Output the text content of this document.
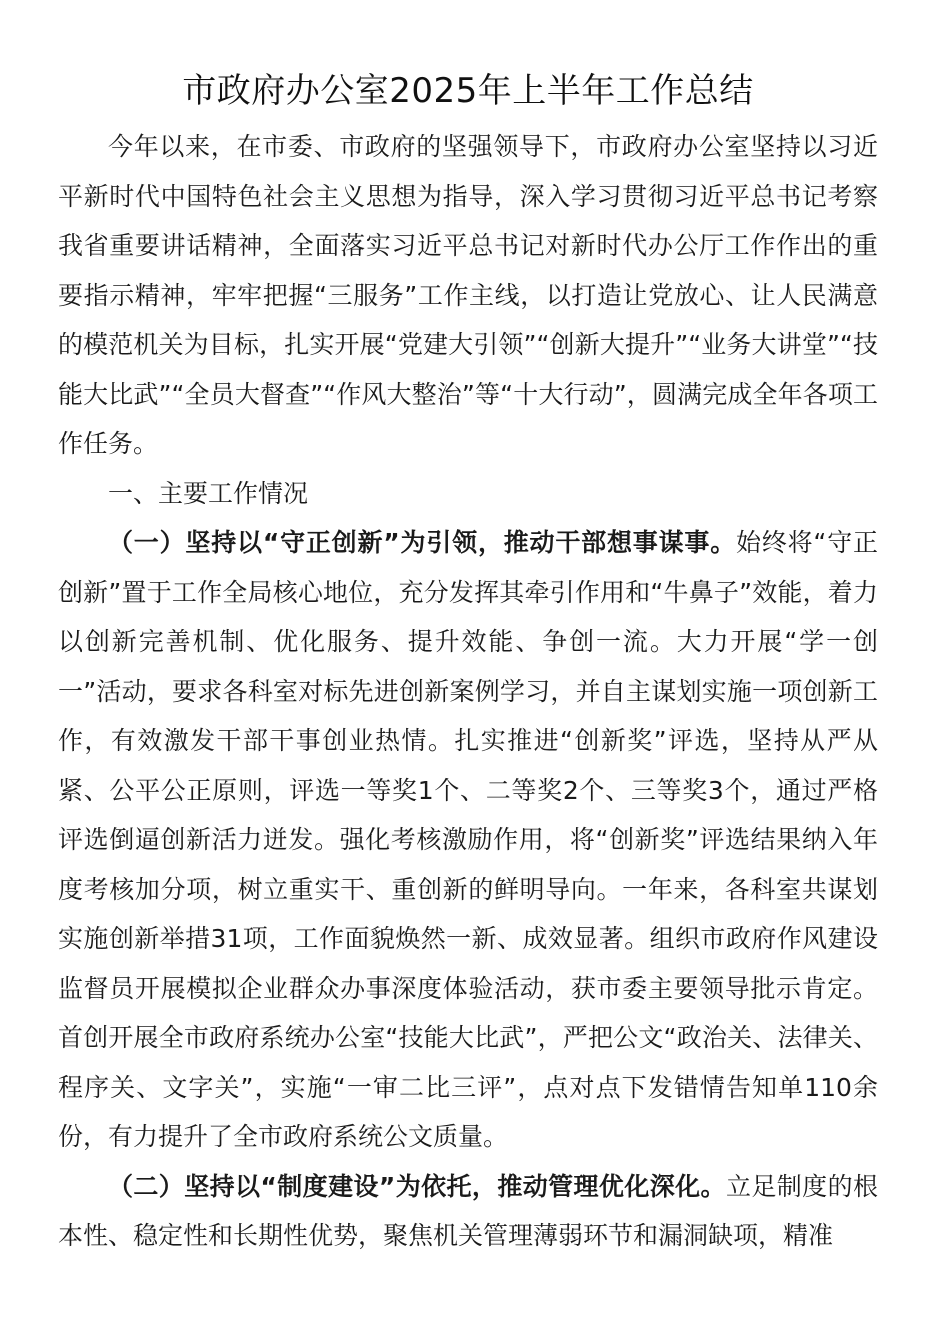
市政府办公室2025年上半年工作总结

今年以来，在市委、市政府的坚强领导下，市政府办公室坚持以习近平新时代中国特色社会主义思想为指导，深入学习贯彻习近平总书记考察我省重要讲话精神，全面落实习近平总书记对新时代办公厅工作作出的重要指示精神，牢牢把握“三服务”工作主线，以打造让党放心、让人民满意的模范机关为目标，扎实开展“党建大引领”“创新大提升”“业务大讲堂”“技能大比武”“全员大督查”“作风大整治”等“十大行动”，圆满完成全年各项工作任务。

一、主要工作情况

（一）坚持以“守正创新”为引领，推动干部想事谋事。始终将“守正创新”置于工作全局核心地位，充分发挥其牵引作用和“牛鼻子”效能，着力以创新完善机制、优化服务、提升效能、争创一流。大力开展“学一创一”活动，要求各科室对标先进创新案例学习，并自主谋划实施一项创新工作，有效激发干部干事创业热情。扎实推进“创新奖”评选，坚持从严从紧、公平公正原则，评选一等奖1个、二等奖2个、三等奖3个，通过严格评选倒逼创新活力迸发。强化考核激励作用，将“创新奖”评选结果纳入年度考核加分项，树立重实干、重创新的鲜明导向。一年来，各科室共谋划实施创新举措31项，工作面貌焕然一新、成效显著。组织市政府作风建设监督员开展模拟企业群众办事深度体验活动，获市委主要领导批示肯定。首创开展全市政府系统办公室“技能大比武”，严把公文“政治关、法律关、程序关、文字关”，实施“一审二比三评”，点对点下发错情告知单110余份，有力提升了全市政府系统公文质量。

（二）坚持以“制度建设”为依托，推动管理优化深化。立足制度的根本性、稳定性和长期性优势，聚焦机关管理薄弱环节和漏洞缺项，精准
